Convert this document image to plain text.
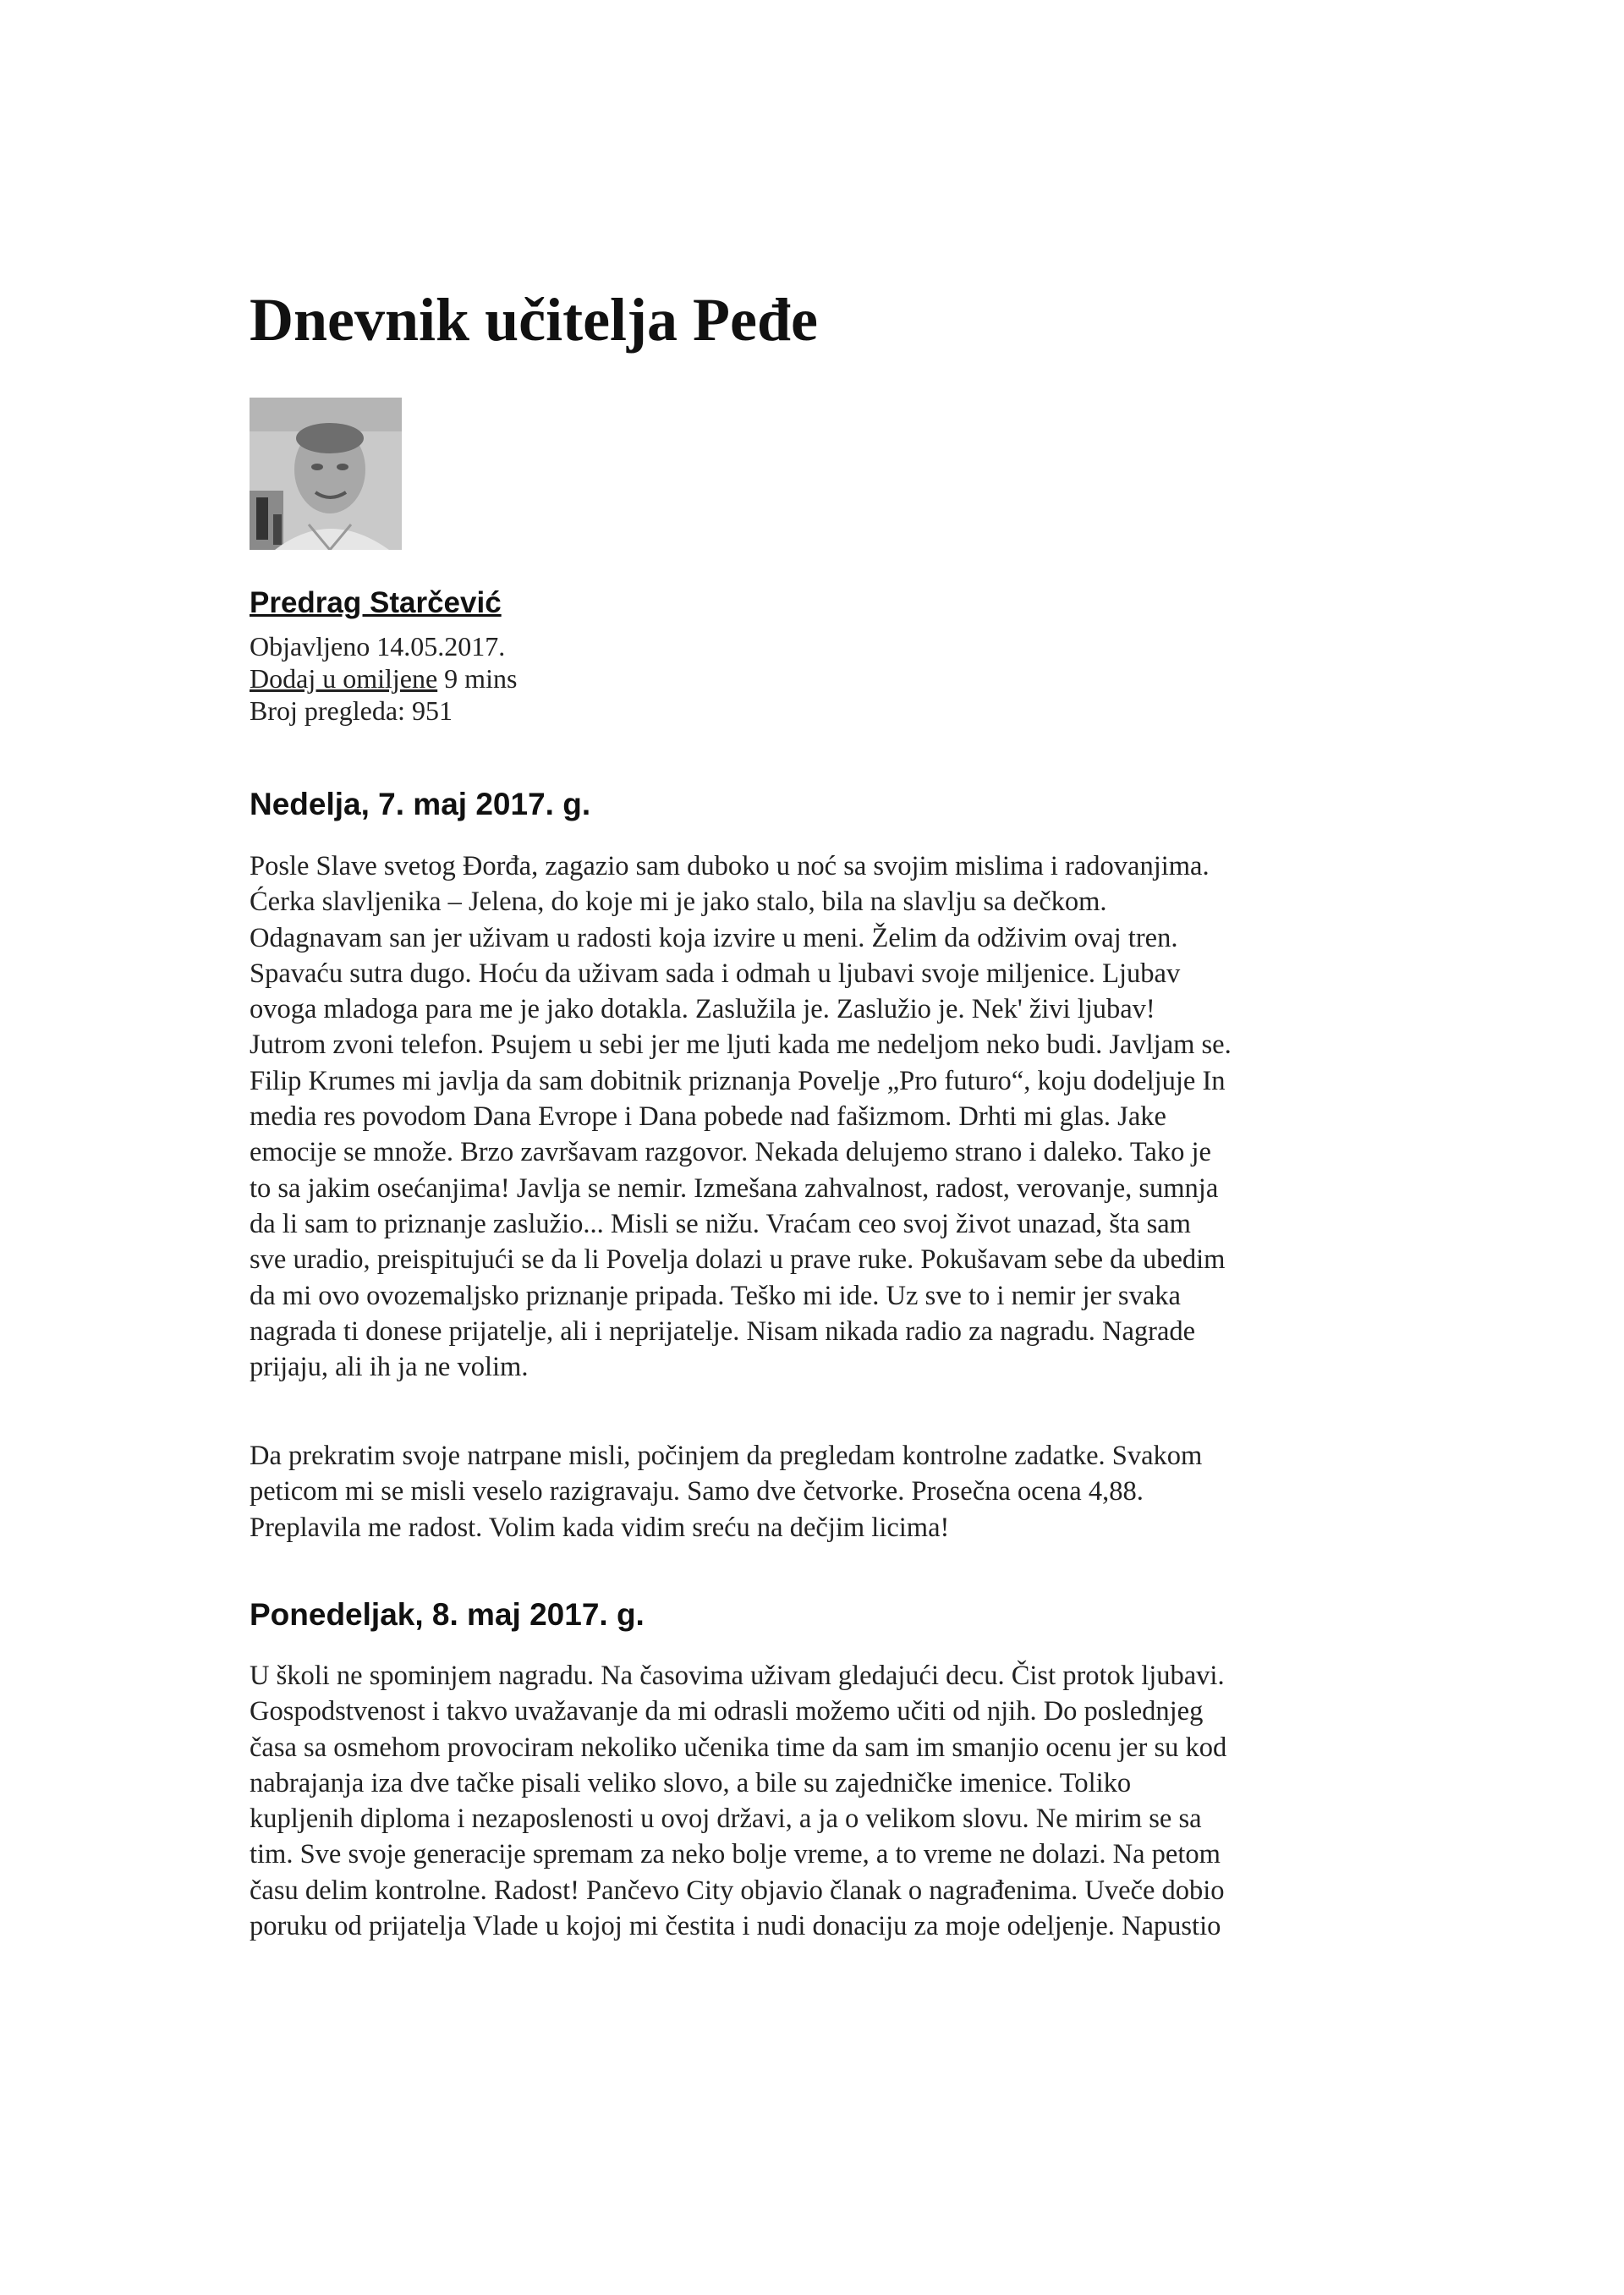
Dnevnik učitelja Peđe
Predrag Starčević
Objavljeno 14.05.2017.
Dodaj u omiljene 9 mins
Broj pregleda: 951
Nedelja, 7. maj 2017. g.

Posle Slave svetog Đorđa, zagazio sam duboko u noć sa svojim mislima i radovanjima.
Ćerka slavljenika – Jelena, do koje mi je jako stalo, bila na slavlju sa dečkom.
Odagnavam san jer uživam u radosti koja izvire u meni. Želim da odživim ovaj tren.
Spavaću sutra dugo. Hoću da uživam sada i odmah u ljubavi svoje miljenice. Ljubav
ovoga mladoga para me je jako dotakla. Zaslužila je. Zaslužio je. Nek' živi ljubav!
Jutrom zvoni telefon. Psujem u sebi jer me ljuti kada me nedeljom neko budi. Javljam se.
Filip Krumes mi javlja da sam dobitnik priznanja Povelje „Pro futuro“, koju dodeljuje In
media res povodom Dana Evrope i Dana pobede nad fašizmom. Drhti mi glas. Jake
emocije se množe. Brzo završavam razgovor. Nekada delujemo strano i daleko. Tako je
to sa jakim osećanjima! Javlja se nemir. Izmešana zahvalnost, radost, verovanje, sumnja
da li sam to priznanje zaslužio... Misli se nižu. Vraćam ceo svoj život unazad, šta sam
sve uradio, preispitujući se da li Povelja dolazi u prave ruke. Pokušavam sebe da ubedim
da mi ovo ovozemaljsko priznanje pripada. Teško mi ide. Uz sve to i nemir jer svaka
nagrada ti donese prijatelje, ali i neprijatelje. Nisam nikada radio za nagradu. Nagrade
prijaju, ali ih ja ne volim.

Da prekratim svoje natrpane misli, počinjem da pregledam kontrolne zadatke. Svakom
peticom mi se misli veselo razigravaju. Samo dve četvorke. Prosečna ocena 4,88.
Preplavila me radost. Volim kada vidim sreću na dečjim licima!

Ponedeljak, 8. maj 2017. g.

U školi ne spominjem nagradu. Na časovima uživam gledajući decu. Čist protok ljubavi.
Gospodstvenost i takvo uvažavanje da mi odrasli možemo učiti od njih. Do poslednjeg
časa sa osmehom provociram nekoliko učenika time da sam im smanjio ocenu jer su kod
nabrajanja iza dve tačke pisali veliko slovo, a bile su zajedničke imenice. Toliko
kupljenih diploma i nezaposlenosti u ovoj državi, a ja o velikom slovu. Ne mirim se sa
tim. Sve svoje generacije spremam za neko bolje vreme, a to vreme ne dolazi. Na petom
času delim kontrolne. Radost! Pančevo City objavio članak o nagrađenima. Uveče dobio
poruku od prijatelja Vlade u kojoj mi čestita i nudi donaciju za moje odeljenje. Napustio
